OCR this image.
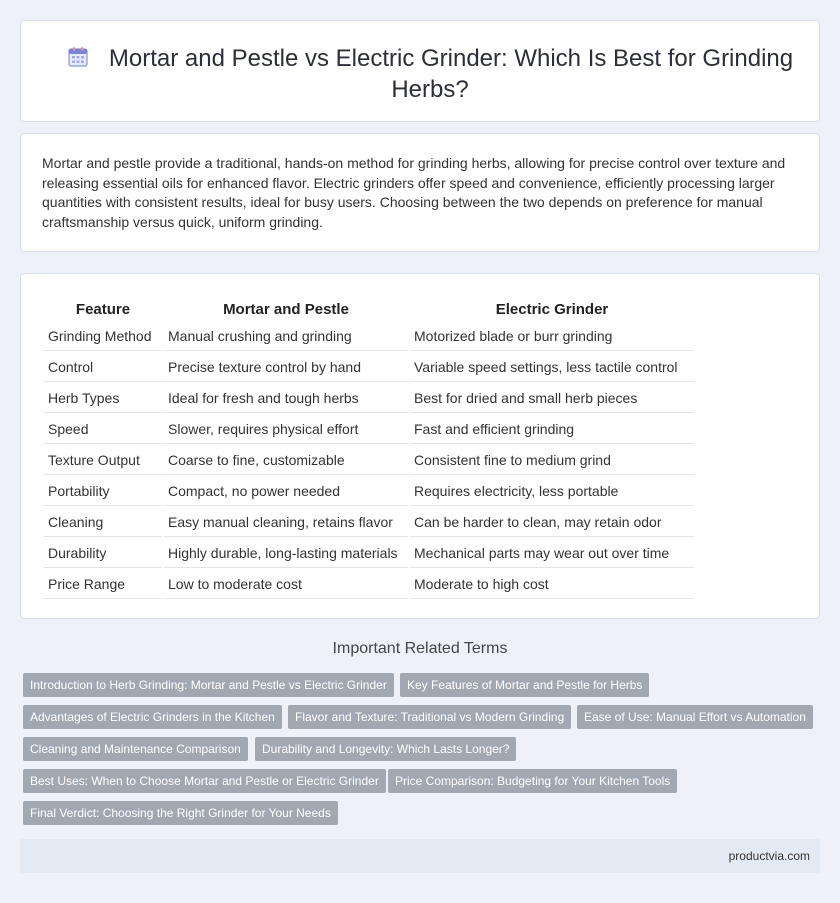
Mortar and Pestle vs Electric Grinder: Which Is Best for Grinding Herbs?

Mortar and pestle provide a traditional, hands-on method for grinding herbs, allowing for precise control over texture and releasing essential oils for enhanced flavor. Electric grinders offer speed and convenience, efficiently processing larger quantities with consistent results, ideal for busy users. Choosing between the two depends on preference for manual craftsmanship versus quick, uniform grinding.

Feature	Mortar and Pestle	Electric Grinder
Grinding Method	Manual crushing and grinding	Motorized blade or burr grinding
Control	Precise texture control by hand	Variable speed settings, less tactile control
Herb Types	Ideal for fresh and tough herbs	Best for dried and small herb pieces
Speed	Slower, requires physical effort	Fast and efficient grinding
Texture Output	Coarse to fine, customizable	Consistent fine to medium grind
Portability	Compact, no power needed	Requires electricity, less portable
Cleaning	Easy manual cleaning, retains flavor	Can be harder to clean, may retain odor
Durability	Highly durable, long-lasting materials	Mechanical parts may wear out over time
Price Range	Low to moderate cost	Moderate to high cost
Important Related Terms
Introduction to Herb Grinding: Mortar and Pestle vs Electric Grinder	Key Features of Mortar and Pestle for Herbs
Advantages of Electric Grinders in the Kitchen	Flavor and Texture: Traditional vs Modern Grinding	Ease of Use: Manual Effort vs Automation
Cleaning and Maintenance Comparison	Durability and Longevity: Which Lasts Longer?
Best Uses: When to Choose Mortar and Pestle or Electric Grinder	Price Comparison: Budgeting for Your Kitchen Tools
Final Verdict: Choosing the Right Grinder for Your Needs
productvia.com
